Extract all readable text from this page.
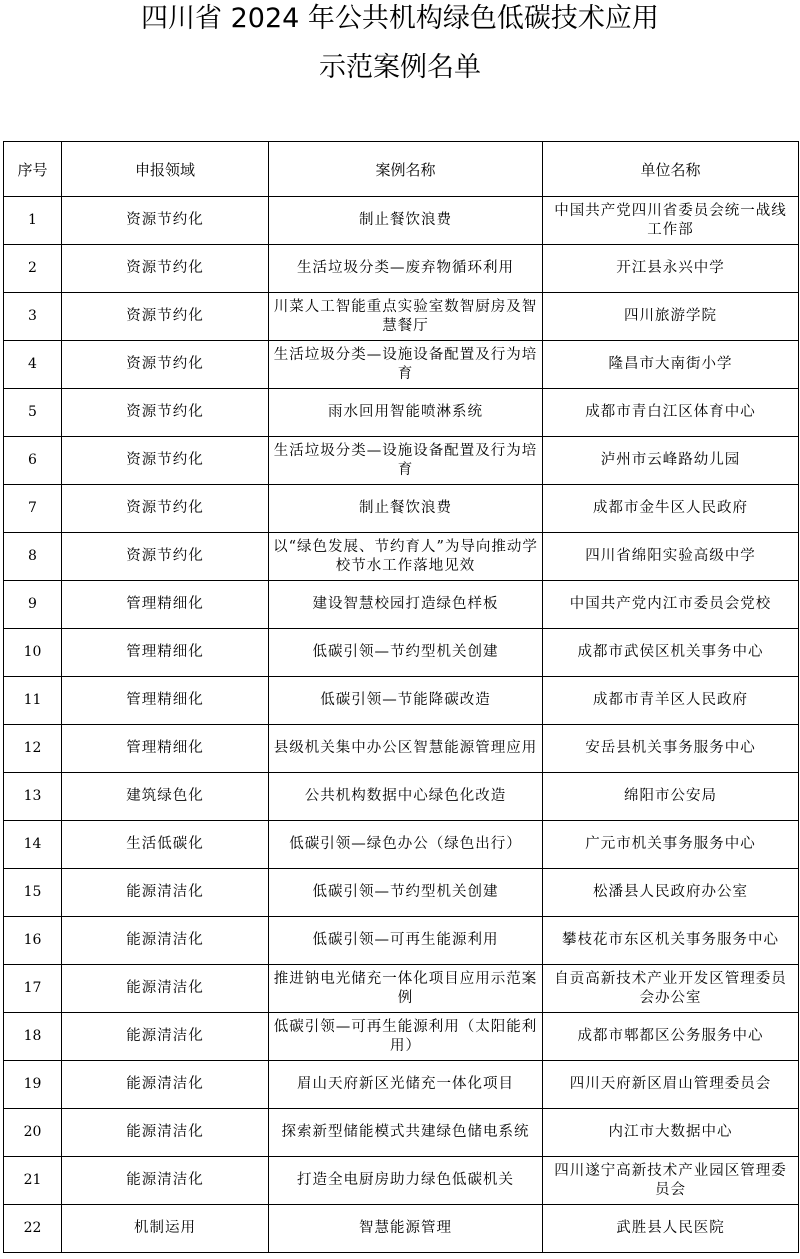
四川省 2024 年公共机构绿色低碳技术应用
示范案例名单
序号	申报领域	案例名称	单位名称
1	资源节约化	制止餐饮浪费	中国共产党四川省委员会统一战线工作部
2	资源节约化	生活垃圾分类—废弃物循环利用	开江县永兴中学
3	资源节约化	川菜人工智能重点实验室数智厨房及智慧餐厅	四川旅游学院
4	资源节约化	生活垃圾分类—设施设备配置及行为培育	隆昌市大南街小学
5	资源节约化	雨水回用智能喷淋系统	成都市青白江区体育中心
6	资源节约化	生活垃圾分类—设施设备配置及行为培育	泸州市云峰路幼儿园
7	资源节约化	制止餐饮浪费	成都市金牛区人民政府
8	资源节约化	以“绿色发展、节约育人”为导向推动学校节水工作落地见效	四川省绵阳实验高级中学
9	管理精细化	建设智慧校园打造绿色样板	中国共产党内江市委员会党校
10	管理精细化	低碳引领—节约型机关创建	成都市武侯区机关事务中心
11	管理精细化	低碳引领—节能降碳改造	成都市青羊区人民政府
12	管理精细化	县级机关集中办公区智慧能源管理应用	安岳县机关事务服务中心
13	建筑绿色化	公共机构数据中心绿色化改造	绵阳市公安局
14	生活低碳化	低碳引领—绿色办公（绿色出行）	广元市机关事务服务中心
15	能源清洁化	低碳引领—节约型机关创建	松潘县人民政府办公室
16	能源清洁化	低碳引领—可再生能源利用	攀枝花市东区机关事务服务中心
17	能源清洁化	推进钠电光储充一体化项目应用示范案例	自贡高新技术产业开发区管理委员会办公室
18	能源清洁化	低碳引领—可再生能源利用（太阳能利用）	成都市郫都区公务服务中心
19	能源清洁化	眉山天府新区光储充一体化项目	四川天府新区眉山管理委员会
20	能源清洁化	探索新型储能模式共建绿色储电系统	内江市大数据中心
21	能源清洁化	打造全电厨房助力绿色低碳机关	四川遂宁高新技术产业园区管理委员会
22	机制运用	智慧能源管理	武胜县人民医院
